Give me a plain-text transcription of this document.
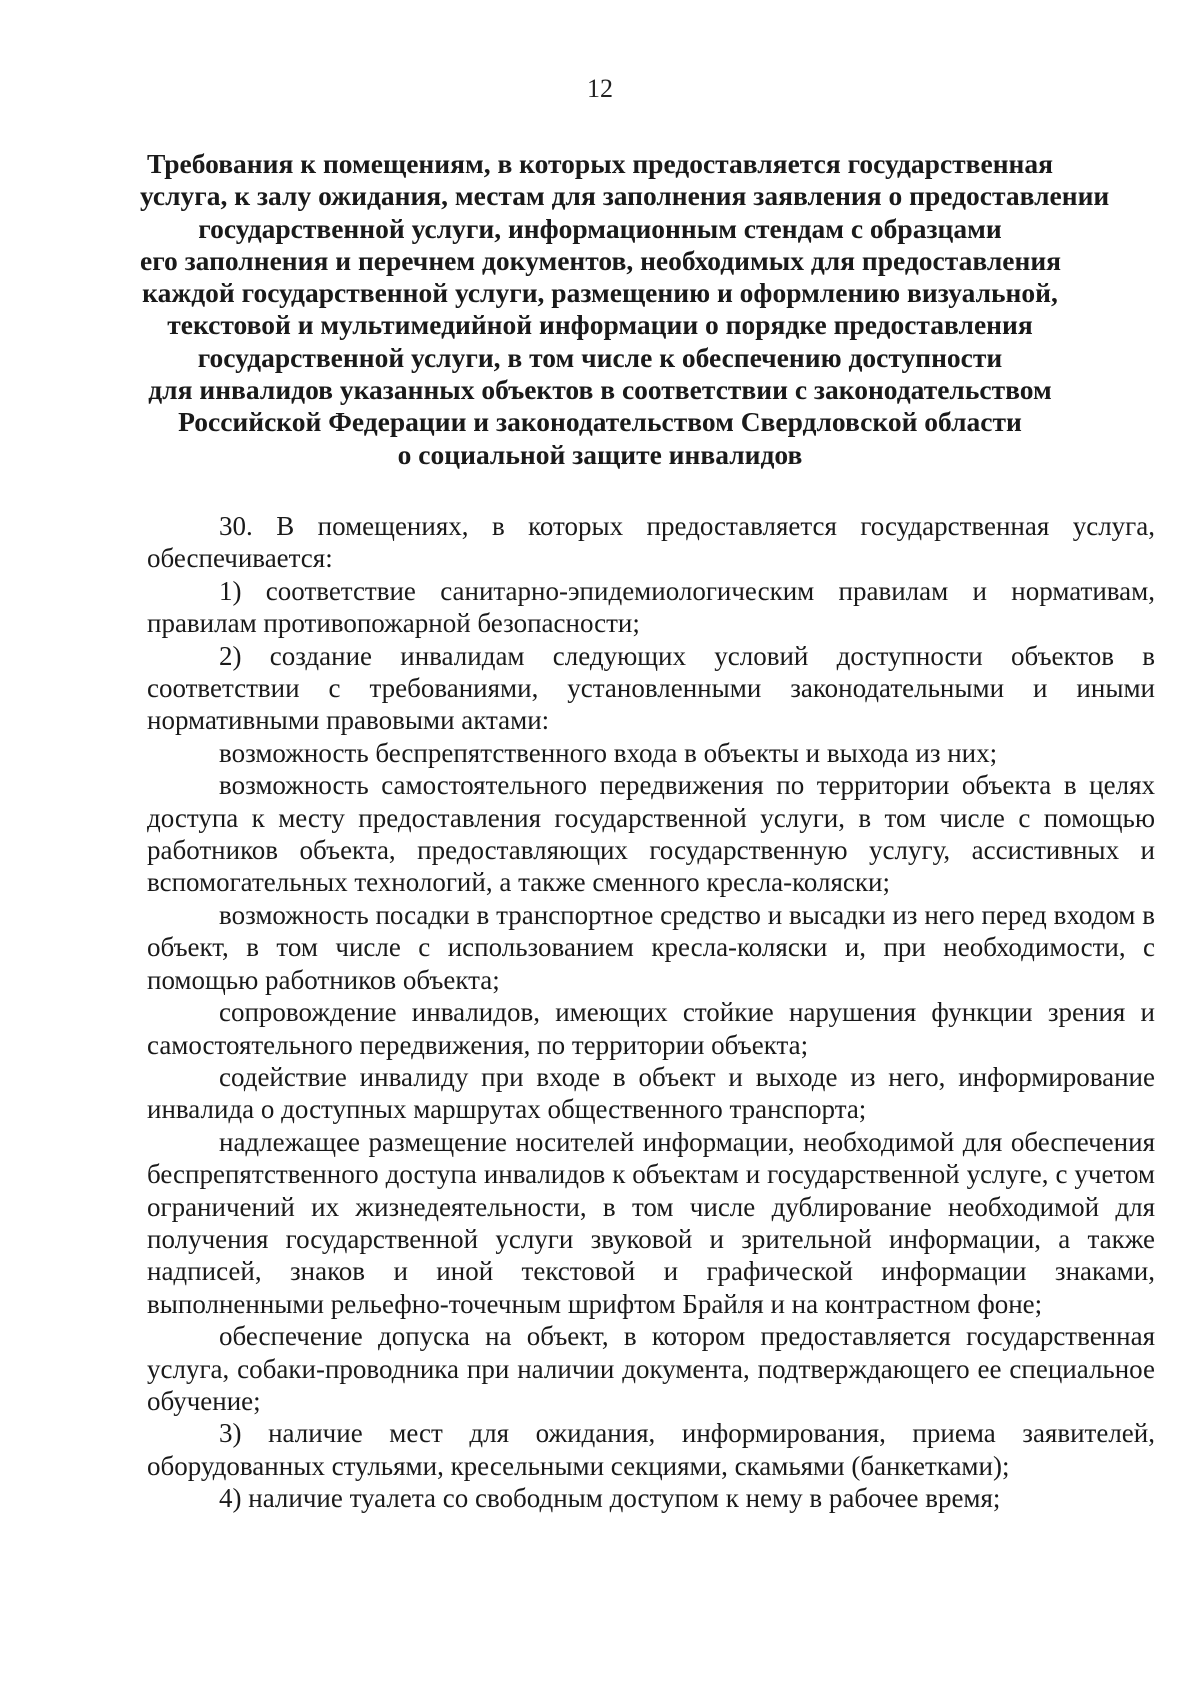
12
Требования к помещениям, в которых предоставляется государственная
услуга, к залу ожидания, местам для заполнения заявления о предоставлении
государственной услуги, информационным стендам с образцами
его заполнения и перечнем документов, необходимых для предоставления
каждой государственной услуги, размещению и оформлению визуальной,
текстовой и мультимедийной информации о порядке предоставления
государственной услуги, в том числе к обеспечению доступности
для инвалидов указанных объектов в соответствии с законодательством
Российской Федерации и законодательством Свердловской области
о социальной защите инвалидов

30. В помещениях, в которых предоставляется государственная услуга, обеспечивается:

1) соответствие санитарно-эпидемиологическим правилам и нормативам, правилам противопожарной безопасности;

2) создание инвалидам следующих условий доступности объектов в соответствии с требованиями, установленными законодательными и иными нормативными правовыми актами:

возможность беспрепятственного входа в объекты и выхода из них;

возможность самостоятельного передвижения по территории объекта в целях доступа к месту предоставления государственной услуги, в том числе с помощью работников объекта, предоставляющих государственную услугу, ассистивных и вспомогательных технологий, а также сменного кресла-коляски;

возможность посадки в транспортное средство и высадки из него перед входом в объект, в том числе с использованием кресла-коляски и, при необходимости, с помощью работников объекта;

сопровождение инвалидов, имеющих стойкие нарушения функции зрения и самостоятельного передвижения, по территории объекта;

содействие инвалиду при входе в объект и выходе из него, информирование инвалида о доступных маршрутах общественного транспорта;

надлежащее размещение носителей информации, необходимой для обеспечения беспрепятственного доступа инвалидов к объектам и государственной услуге, с учетом ограничений их жизнедеятельности, в том числе дублирование необходимой для получения государственной услуги звуковой и зрительной информации, а также надписей, знаков и иной текстовой и графической информации знаками, выполненными рельефно-точечным шрифтом Брайля и на контрастном фоне;

обеспечение допуска на объект, в котором предоставляется государственная услуга, собаки-проводника при наличии документа, подтверждающего ее специальное обучение;

3) наличие мест для ожидания, информирования, приема заявителей, оборудованных стульями, кресельными секциями, скамьями (банкетками);

4) наличие туалета со свободным доступом к нему в рабочее время;
